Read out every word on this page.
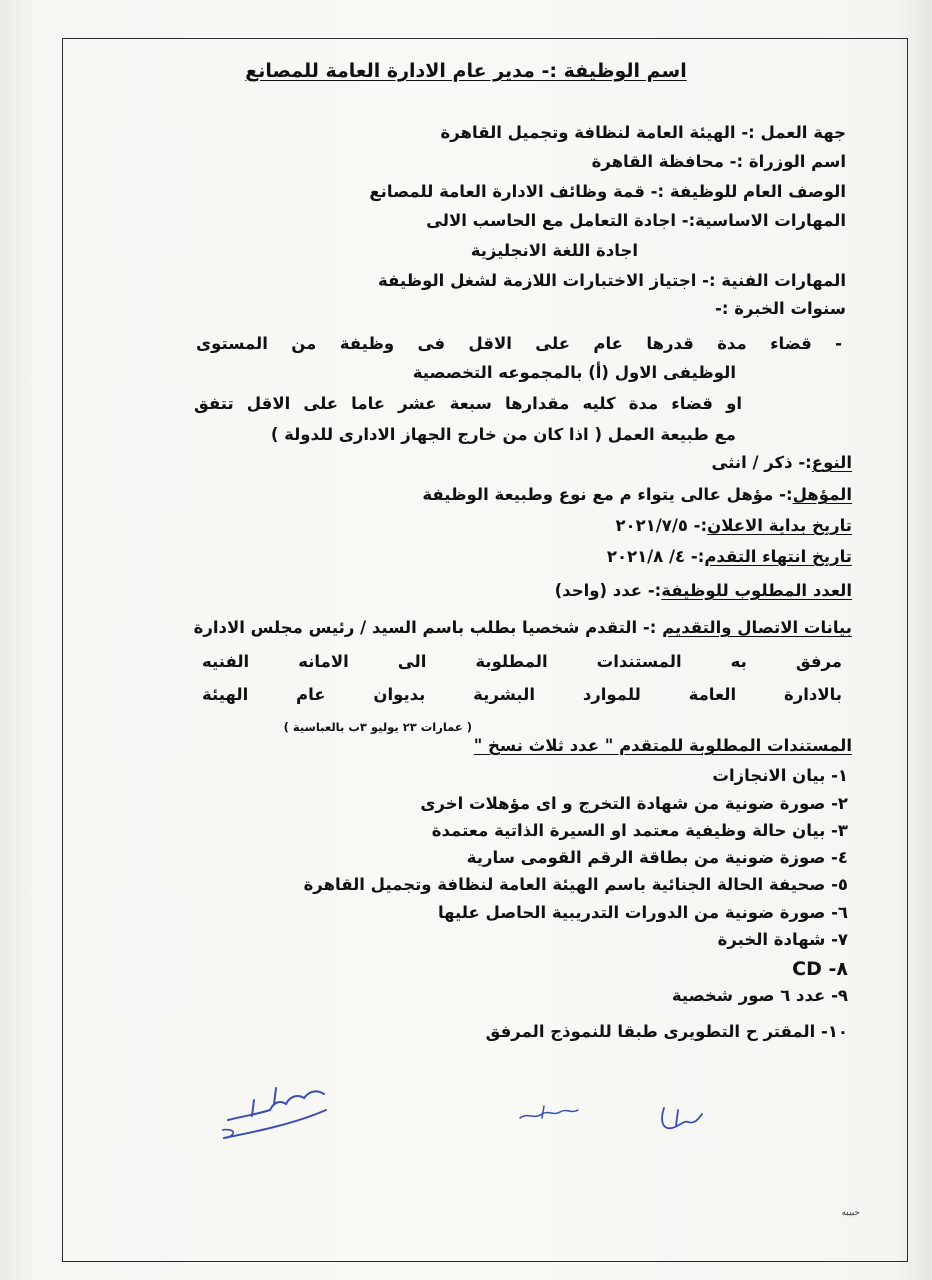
اسم الوظيفة :- مدير عام الادارة العامة للمصانع

جهة العمل :- الهيئة العامة لنظافة وتجميل القاهرة

اسم الوزراة :- محافظة القاهرة

الوصف العام للوظيفة :- قمة وظائف الادارة العامة للمصانع

المهارات الاساسية:- اجادة التعامل مع الحاسب الالى

اجادة اللغة الانجليزية

المهارات الفنية :- اجتياز الاختبارات اللازمة لشغل الوظيفة

سنوات الخبرة :-

- قضاء مدة قدرها عام على الاقل فى وظيفة من المستوى

الوظيفى الاول (أ) بالمجموعه التخصصية

او قضاء مدة كليه مقدارها سبعة عشر عاما على الاقل تتفق

مع طبيعة العمل ( اذا كان من خارج الجهاز الادارى للدولة )

النوع:- ذكر / انثى

المؤهل:- مؤهل عالى يتواء م مع نوع وطبيعة الوظيفة

تاريخ بداية الاعلان:- ٢٠٢١/٧/٥

تاريخ انتهاء التقدم:- ٤/ ٢٠٢١/٨

العدد المطلوب للوظيفة:- عدد (واحد)

بيانات الاتصال والتقديم :- التقدم شخصيا بطلب باسم السيد / رئيس مجلس الادارة

مرفق به المستندات المطلوبة الى الامانه الفنيه

بالادارة العامة للموارد البشرية بديوان عام الهيئة

( عمارات ٢٣ يوليو ٣ب بالعباسية )

المستندات المطلوبة للمتقدم " عدد ثلاث نسخ "

١- بيان الانجازات

٢- صورة ضونية من شهادة التخرج و اى مؤهلات اخرى

٣- بيان حالة وظيفية معتمد او السيرة الذاتية معتمدة

٤- صوزة ضونية من بطاقة الرقم القومى سارية

٥- صحيفة الحالة الجنائية باسم الهيئة العامة لنظافة وتجميل القاهرة

٦- صورة ضونية من الدورات التدريبية الحاصل عليها

٧- شهادة الخبرة

٨- CD

٩- عدد ٦ صور شخصية

١٠- المقتر ح التطويرى طبقا للنموذج المرفق

حبيبه
